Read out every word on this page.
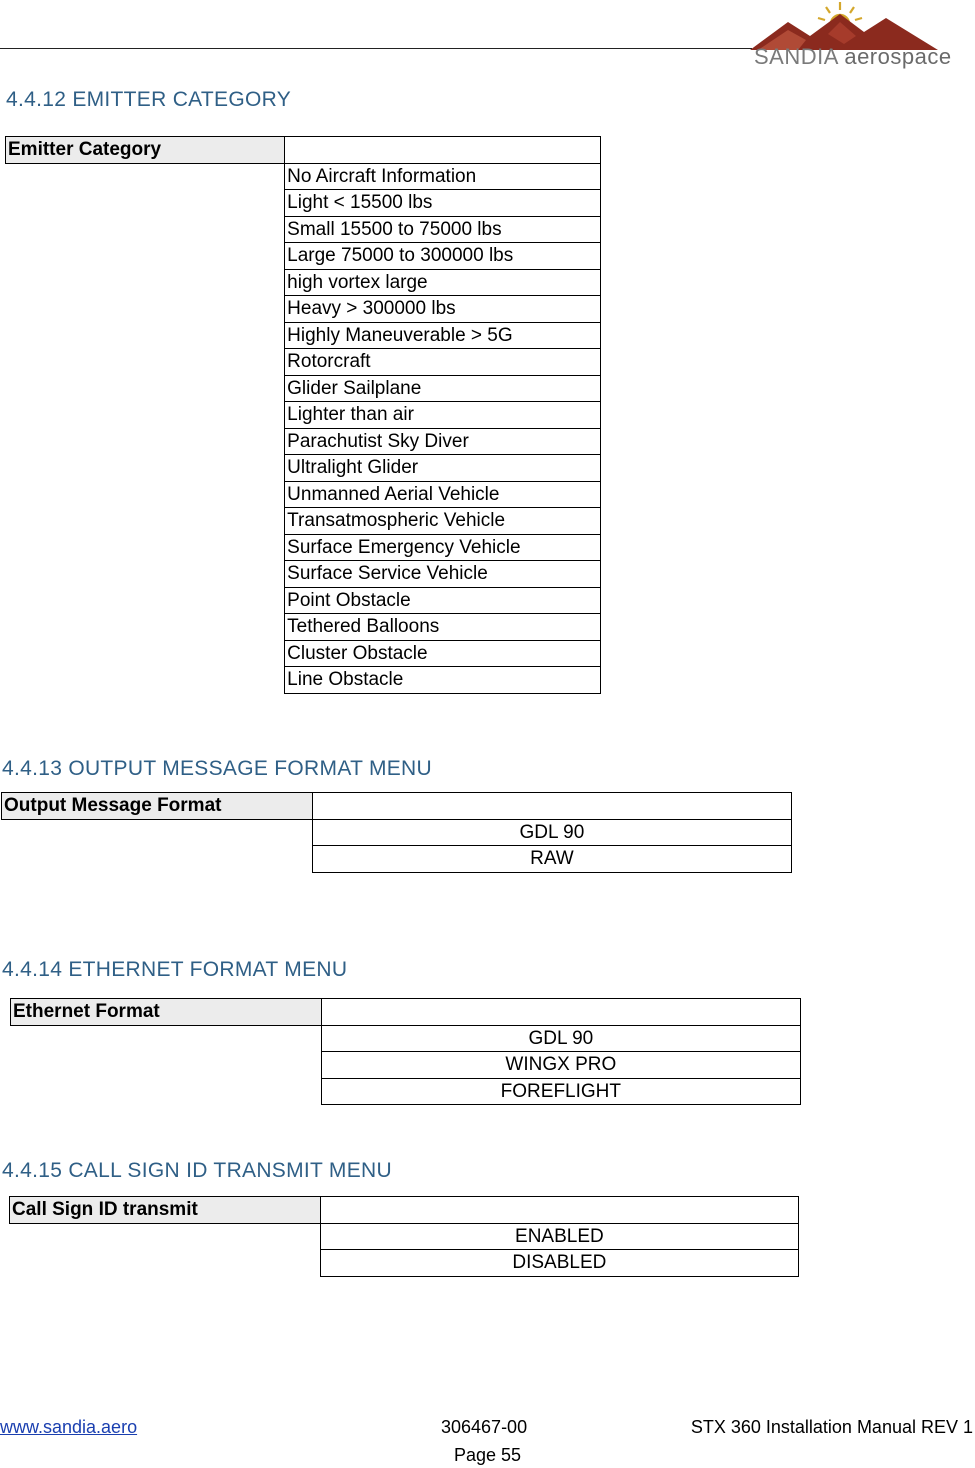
SANDIA aerospace
4.4.12 EMITTER CATEGORY
Emitter Category	
	No Aircraft Information
	Light < 15500 lbs
	Small 15500 to 75000 lbs
	Large 75000 to 300000 lbs
	high vortex large
	Heavy > 300000 lbs
	Highly Maneuverable > 5G
	Rotorcraft
	Glider Sailplane
	Lighter than air
	Parachutist Sky Diver
	Ultralight Glider
	Unmanned Aerial Vehicle
	Transatmospheric Vehicle
	Surface Emergency Vehicle
	Surface Service Vehicle
	Point Obstacle
	Tethered Balloons
	Cluster Obstacle
	Line Obstacle
4.4.13 OUTPUT MESSAGE FORMAT MENU
Output Message Format	
	GDL 90
	RAW
4.4.14 ETHERNET FORMAT MENU
Ethernet Format	
	GDL 90
	WINGX PRO
	FOREFLIGHT
4.4.15 CALL SIGN ID TRANSMIT MENU
Call Sign ID transmit	
	ENABLED
	DISABLED
www.sandia.aero	306467-00
Page 55
STX 360 Installation Manual REV 1
